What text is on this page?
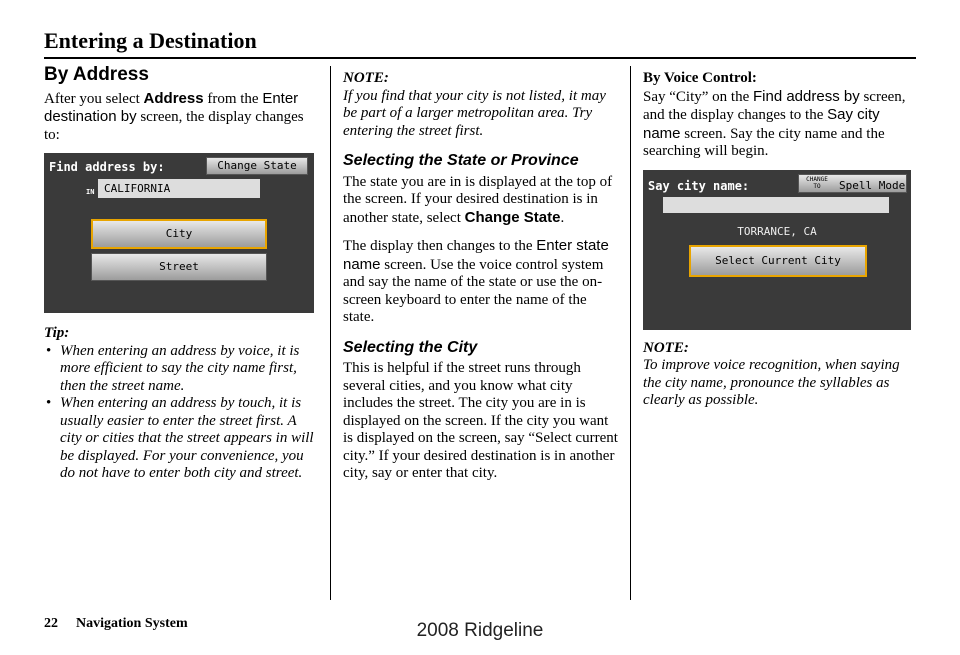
Entering a Destination
By Address

After you select Address from the Enter destination by screen, the display changes to:

Find address by:	Change State
IN CALIFORNIA
City
Street

Tip:

• When entering an address by voice, it is more efficient to say the city name first, then the street name.
• When entering an address by touch, it is usually easier to enter the street first. A city or cities that the street appears in will be displayed. For your convenience, you do not have to enter both city and street.

NOTE:

If you find that your city is not listed, it may be part of a larger metropolitan area. Try entering the street first.

Selecting the State or Province

The state you are in is displayed at the top of the screen. If your desired destination is in another state, select Change State.

The display then changes to the Enter state name screen. Use the voice control system and say the name of the state or use the on-screen keyboard to enter the name of the state.

Selecting the City

This is helpful if the street runs through several cities, and you know what city includes the street. The city you are in is displayed on the screen. If the city you want is displayed on the screen, say “Select current city.” If your desired destination is in another city, say or enter that city.

By Voice Control:

Say “City” on the Find address by screen, and the display changes to the Say city name screen. Say the city name and the searching will begin.

Say city name:	CHANGE TO	Spell Mode
TORRANCE, CA
Select Current City

NOTE:

To improve voice recognition, when saying the city name, pronounce the syllables as clearly as possible.

22 Navigation System	2008 Ridgeline
